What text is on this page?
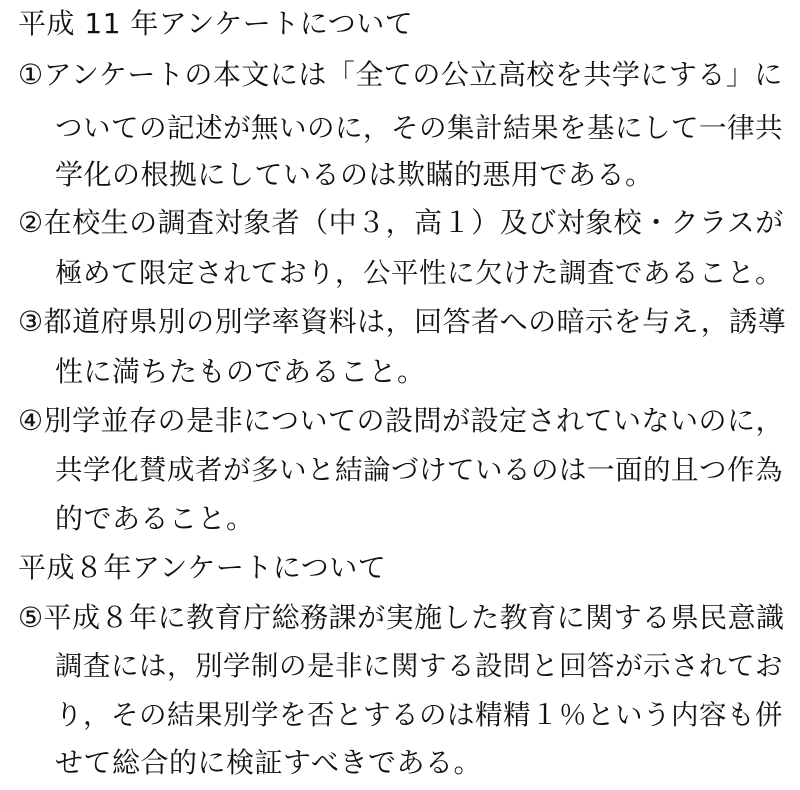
平成 11 年アンケートについて
①アンケートの本文には「全ての公立高校を共学にする」に
ついての記述が無いのに，その集計結果を基にして一律共
学化の根拠にしているのは欺瞞的悪用である。
②在校生の調査対象者（中３，高１）及び対象校・クラスが
極めて限定されており，公平性に欠けた調査であること。
③都道府県別の別学率資料は，回答者への暗示を与え，誘導
性に満ちたものであること。
④別学並存の是非についての設問が設定されていないのに，
共学化賛成者が多いと結論づけているのは一面的且つ作為
的であること。
平成８年アンケートについて
⑤平成８年に教育庁総務課が実施した教育に関する県民意識
調査には，別学制の是非に関する設問と回答が示されてお
り，その結果別学を否とするのは精精１％という内容も併
せて総合的に検証すべきである。
